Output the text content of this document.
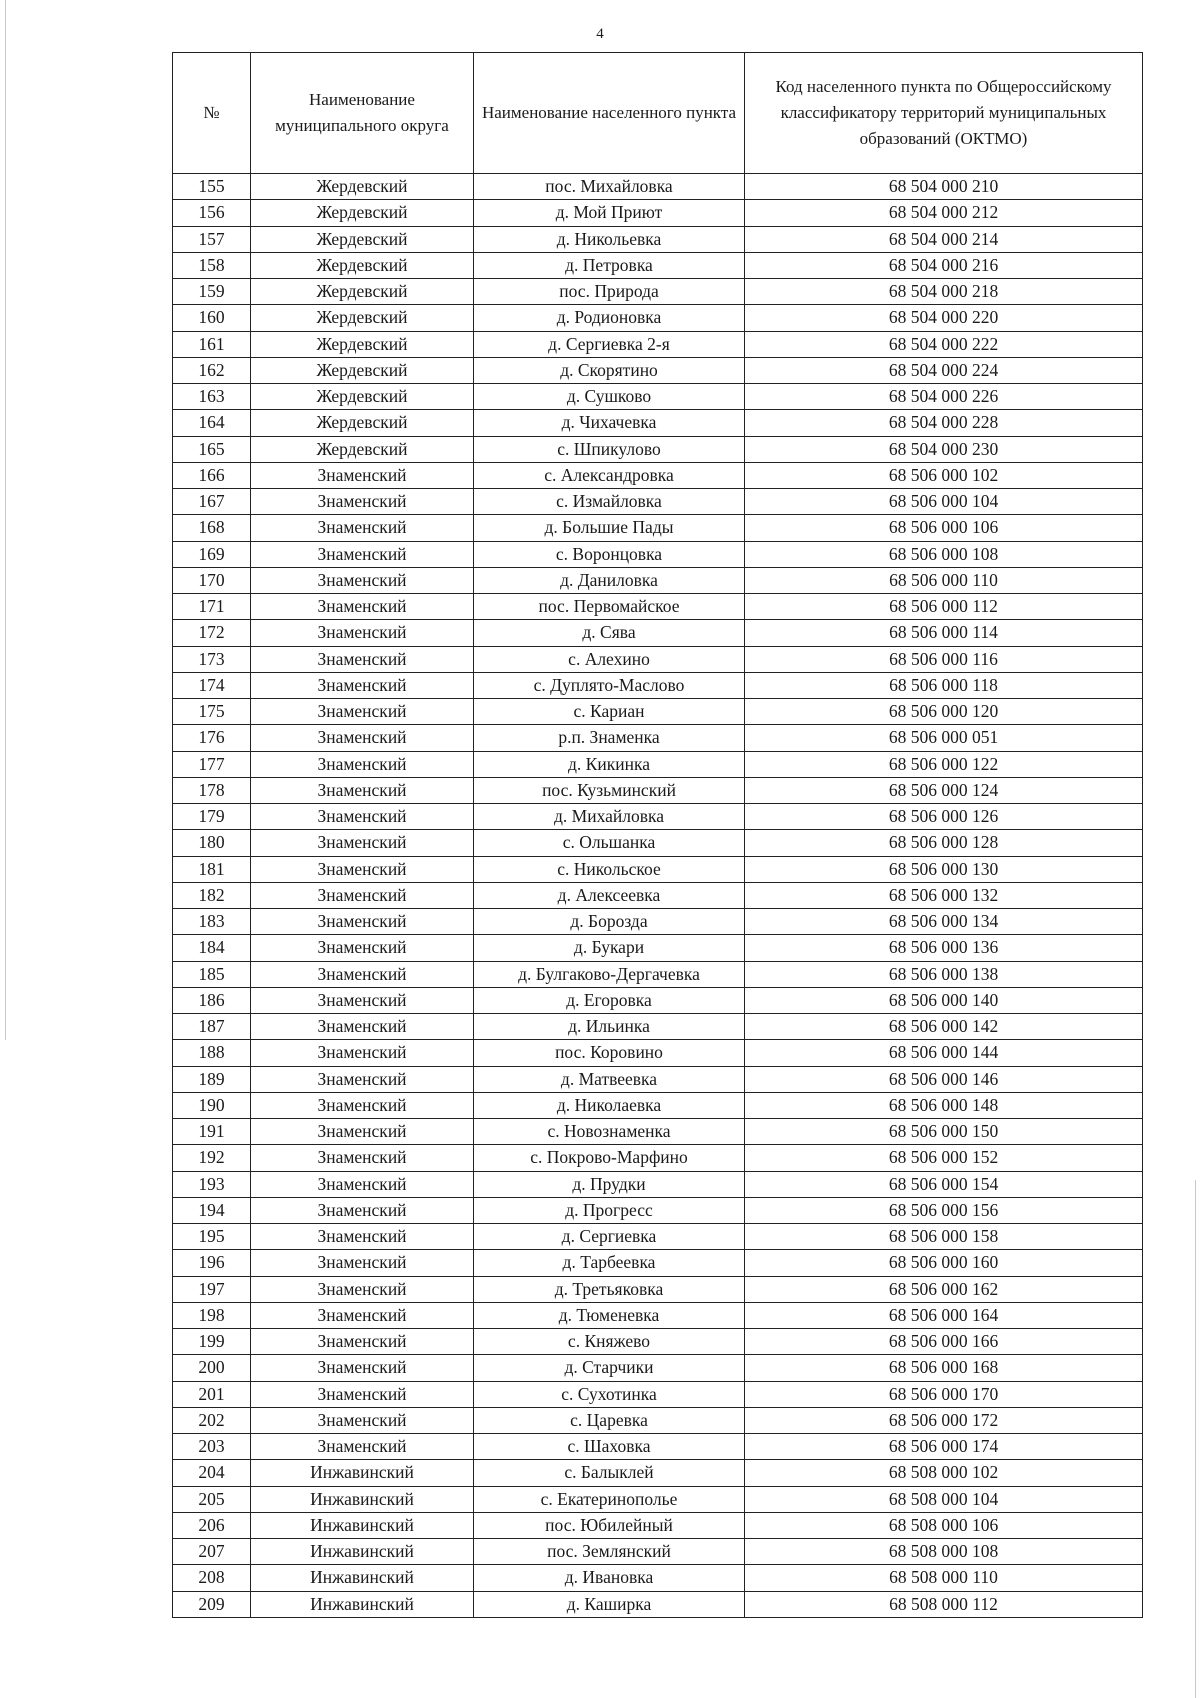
4
№	Наименование муниципального округа	Наименование населенного пункта	Код населенного пункта по Общероссийскому классификатору территорий муниципальных образований (ОКТМО)
155	Жердевский	пос. Михайловка	68 504 000 210
156	Жердевский	д. Мой Приют	68 504 000 212
157	Жердевский	д. Никольевка	68 504 000 214
158	Жердевский	д. Петровка	68 504 000 216
159	Жердевский	пос. Природа	68 504 000 218
160	Жердевский	д. Родионовка	68 504 000 220
161	Жердевский	д. Сергиевка 2-я	68 504 000 222
162	Жердевский	д. Скорятино	68 504 000 224
163	Жердевский	д. Сушково	68 504 000 226
164	Жердевский	д. Чихачевка	68 504 000 228
165	Жердевский	с. Шпикулово	68 504 000 230
166	Знаменский	с. Александровка	68 506 000 102
167	Знаменский	с. Измайловка	68 506 000 104
168	Знаменский	д. Большие Пады	68 506 000 106
169	Знаменский	с. Воронцовка	68 506 000 108
170	Знаменский	д. Даниловка	68 506 000 110
171	Знаменский	пос. Первомайское	68 506 000 112
172	Знаменский	д. Сява	68 506 000 114
173	Знаменский	с. Алехино	68 506 000 116
174	Знаменский	с. Дуплято-Маслово	68 506 000 118
175	Знаменский	с. Кариан	68 506 000 120
176	Знаменский	р.п. Знаменка	68 506 000 051
177	Знаменский	д. Кикинка	68 506 000 122
178	Знаменский	пос. Кузьминский	68 506 000 124
179	Знаменский	д. Михайловка	68 506 000 126
180	Знаменский	с. Ольшанка	68 506 000 128
181	Знаменский	с. Никольское	68 506 000 130
182	Знаменский	д. Алексеевка	68 506 000 132
183	Знаменский	д. Борозда	68 506 000 134
184	Знаменский	д. Букари	68 506 000 136
185	Знаменский	д. Булгаково-Дергачевка	68 506 000 138
186	Знаменский	д. Егоровка	68 506 000 140
187	Знаменский	д. Ильинка	68 506 000 142
188	Знаменский	пос. Коровино	68 506 000 144
189	Знаменский	д. Матвеевка	68 506 000 146
190	Знаменский	д. Николаевка	68 506 000 148
191	Знаменский	с. Новознаменка	68 506 000 150
192	Знаменский	с. Покрово-Марфино	68 506 000 152
193	Знаменский	д. Прудки	68 506 000 154
194	Знаменский	д. Прогресс	68 506 000 156
195	Знаменский	д. Сергиевка	68 506 000 158
196	Знаменский	д. Тарбеевка	68 506 000 160
197	Знаменский	д. Третьяковка	68 506 000 162
198	Знаменский	д. Тюменевка	68 506 000 164
199	Знаменский	с. Княжево	68 506 000 166
200	Знаменский	д. Старчики	68 506 000 168
201	Знаменский	с. Сухотинка	68 506 000 170
202	Знаменский	с. Царевка	68 506 000 172
203	Знаменский	с. Шаховка	68 506 000 174
204	Инжавинский	с. Балыклей	68 508 000 102
205	Инжавинский	с. Екатеринополье	68 508 000 104
206	Инжавинский	пос. Юбилейный	68 508 000 106
207	Инжавинский	пос. Землянский	68 508 000 108
208	Инжавинский	д. Ивановка	68 508 000 110
209	Инжавинский	д. Каширка	68 508 000 112
